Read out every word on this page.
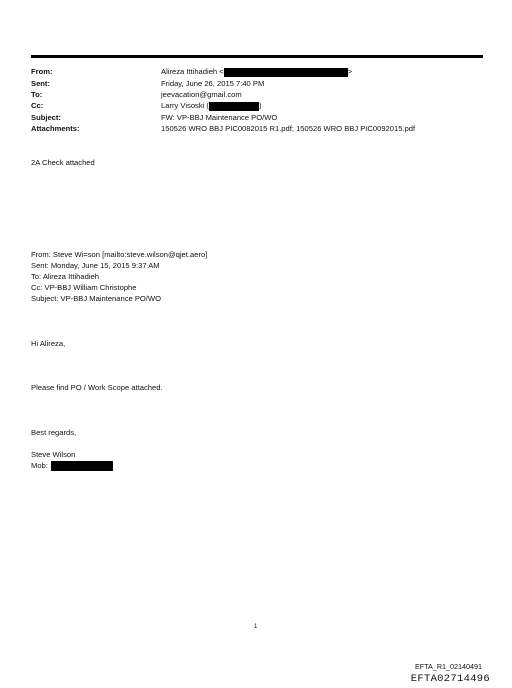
From:	Alireza Ittihadieh <	>
Sent:	Friday, June 26, 2015 7:40 PM
To:	jeevacation@gmail.com
Cc:	Larry Visoski (	)
Subject:	FW: VP-BBJ Maintenance PO/WO
Attachments:	150526 WRO BBJ PIC0082015 R1.pdf; 150526 WRO BBJ PIC0092015.pdf
2A Check attached
From: Steve Wi=son [mailto:steve.wilson@qjet.aero]
Sent: Monday, June 15, 2015 9:37 AM
To: Alireza Ittihadieh
Cc: VP-BBJ William Christophe
Subject: VP-BBJ Maintenance PO/WO
Hi Alireza,
Please find PO / Work Scope attached.
Best regards,
Steve Wilson
Mob:
1
EFTA_R1_02140491
EFTA02714496
